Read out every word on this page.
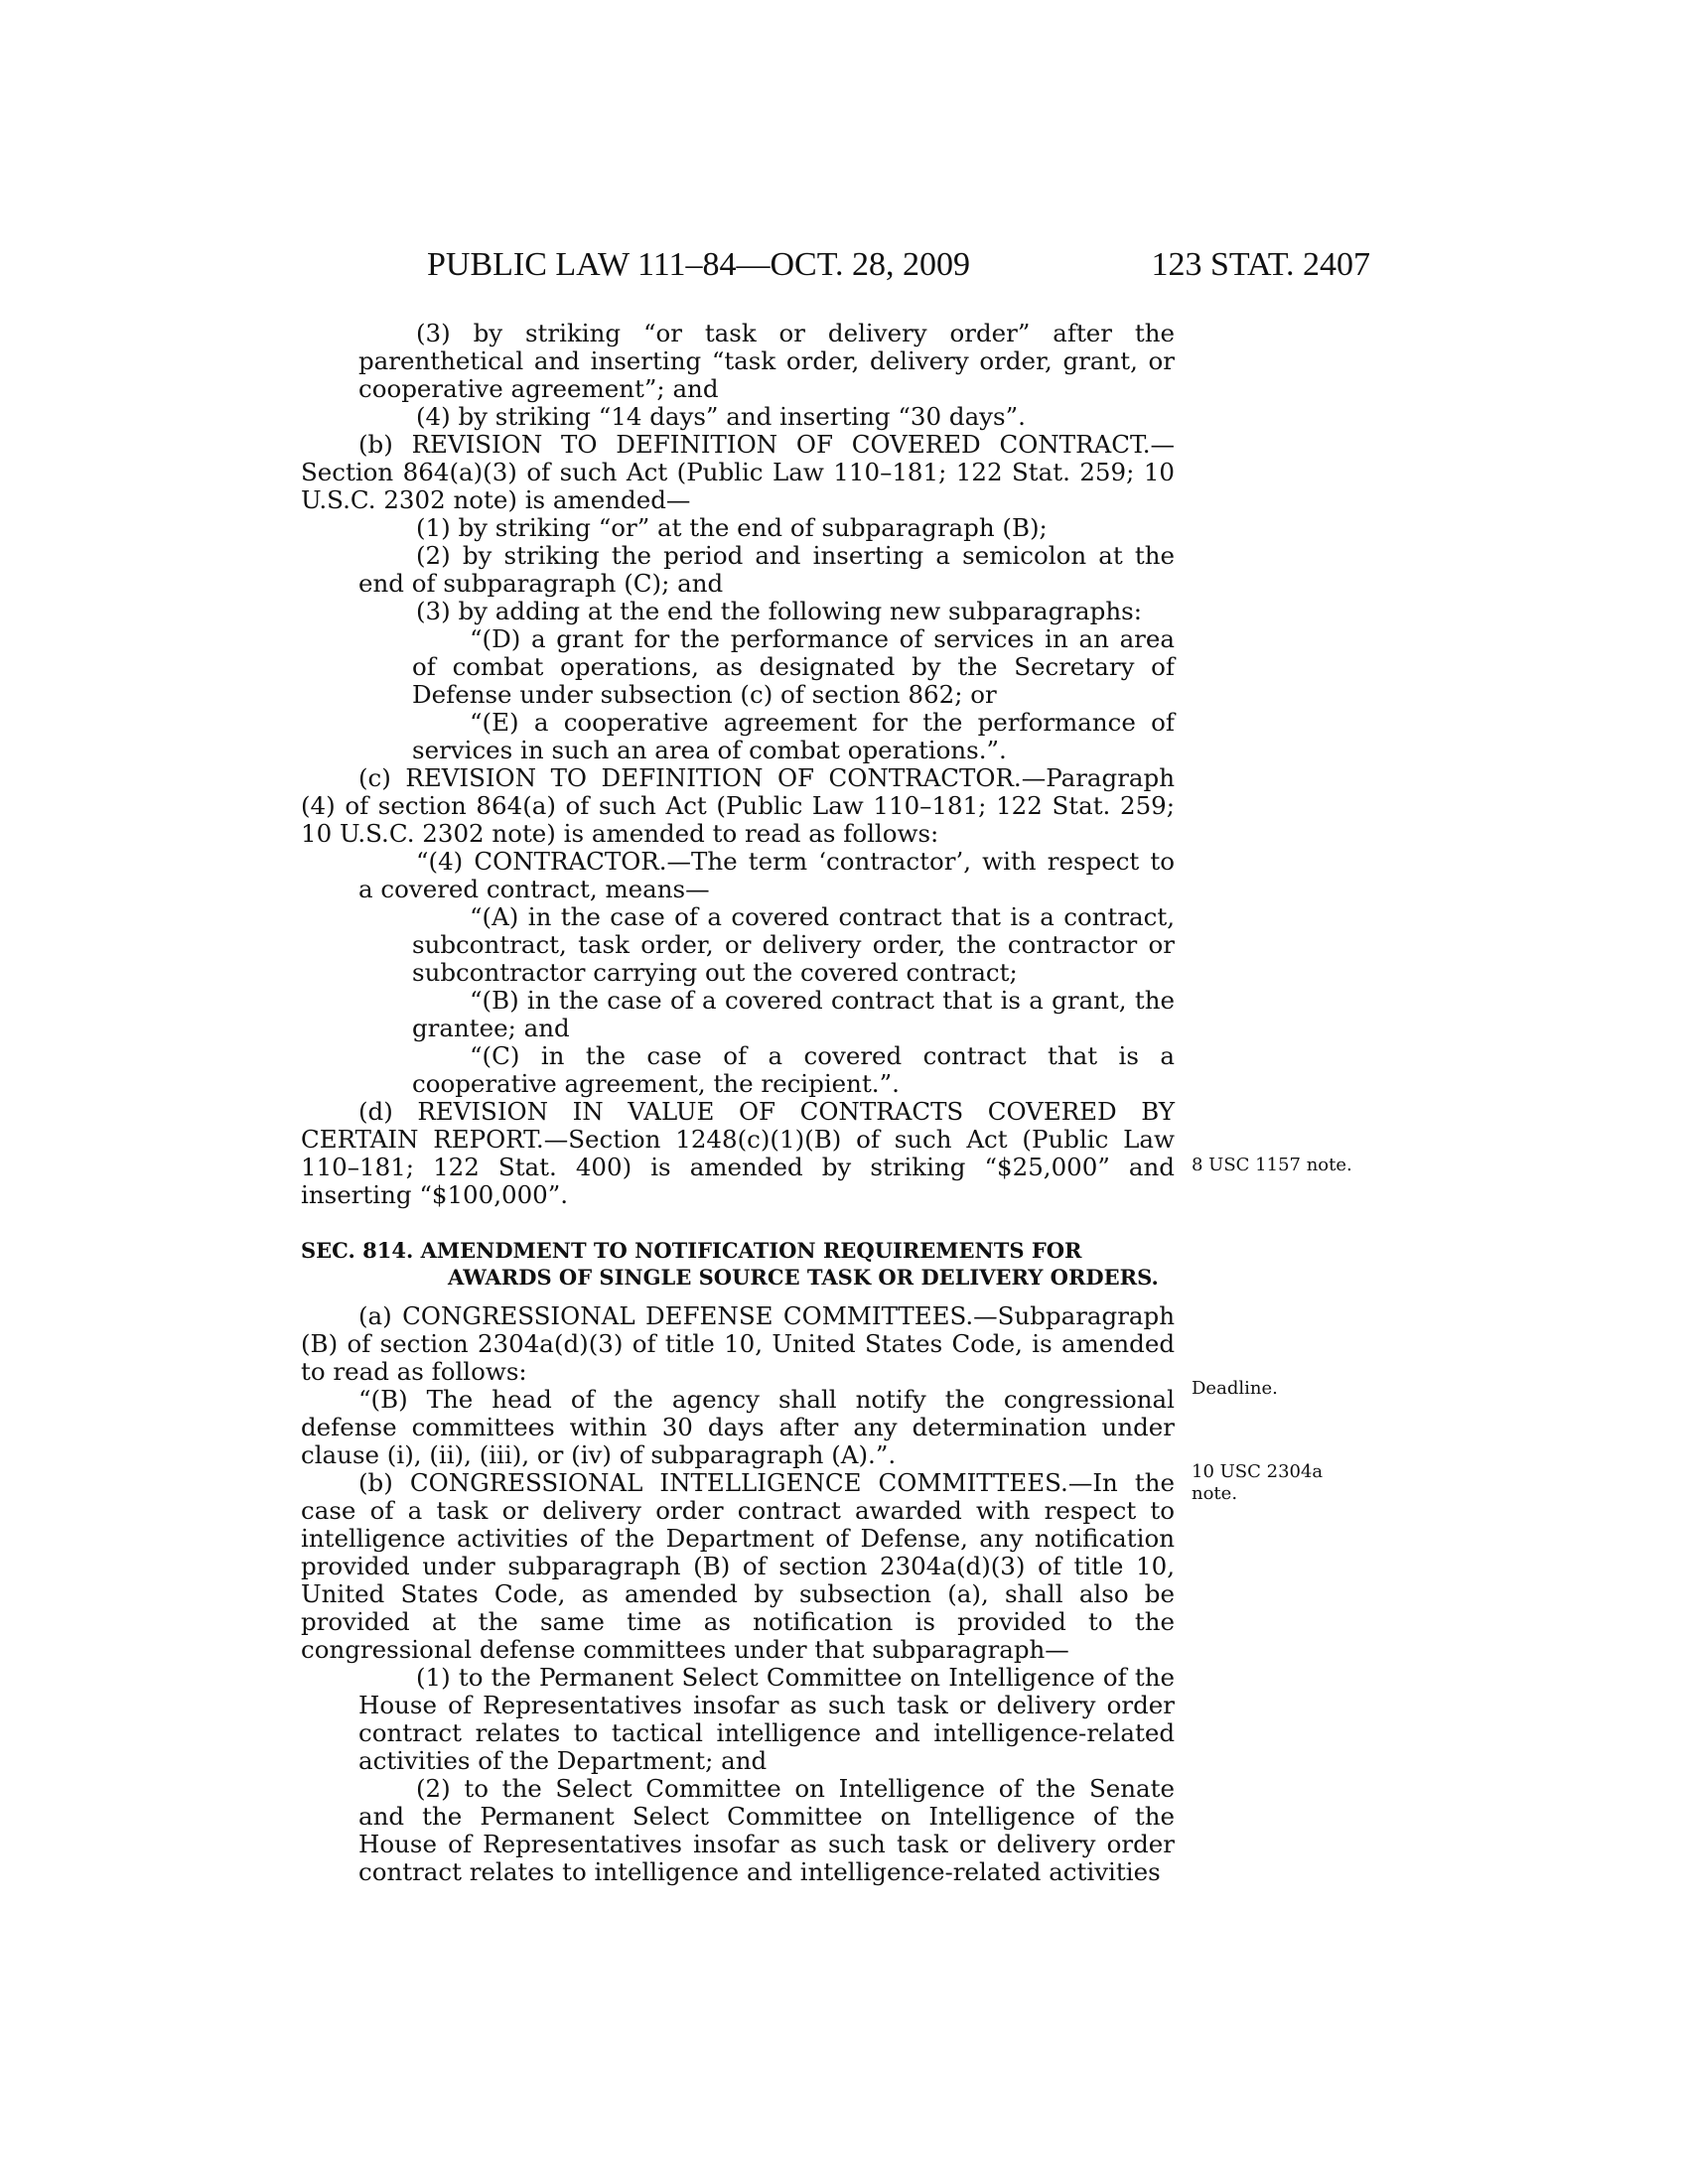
PUBLIC LAW 111–84—OCT. 28, 2009	123 STAT. 2407

(3) by striking “or task or delivery order” after the parenthetical and inserting “task order, delivery order, grant, or cooperative agreement”; and

(4) by striking “14 days” and inserting “30 days”.

(b) REVISION TO DEFINITION OF COVERED CONTRACT.—Section 864(a)(3) of such Act (Public Law 110–181; 122 Stat. 259; 10 U.S.C. 2302 note) is amended—

(1) by striking “or” at the end of subparagraph (B);

(2) by striking the period and inserting a semicolon at the end of subparagraph (C); and

(3) by adding at the end the following new subparagraphs:

“(D) a grant for the performance of services in an area of combat operations, as designated by the Secretary of Defense under subsection (c) of section 862; or

“(E) a cooperative agreement for the performance of services in such an area of combat operations.”.

(c) REVISION TO DEFINITION OF CONTRACTOR.—Paragraph (4) of section 864(a) of such Act (Public Law 110–181; 122 Stat. 259; 10 U.S.C. 2302 note) is amended to read as follows:

“(4) CONTRACTOR.—The term ‘contractor’, with respect to a covered contract, means—

“(A) in the case of a covered contract that is a contract, subcontract, task order, or delivery order, the contractor or subcontractor carrying out the covered contract;

“(B) in the case of a covered contract that is a grant, the grantee; and

“(C) in the case of a covered contract that is a cooperative agreement, the recipient.”.

(d) REVISION IN VALUE OF CONTRACTS COVERED BY CERTAIN REPORT.—Section 1248(c)(1)(B) of such Act (Public Law 110–181; 122 Stat. 400) is amended by striking “$25,000” and inserting “$100,000”.

SEC. 814. AMENDMENT TO NOTIFICATION REQUIREMENTS FOR
AWARDS OF SINGLE SOURCE TASK OR DELIVERY ORDERS.

(a) CONGRESSIONAL DEFENSE COMMITTEES.—Subparagraph (B) of section 2304a(d)(3) of title 10, United States Code, is amended to read as follows:

“(B) The head of the agency shall notify the congressional defense committees within 30 days after any determination under clause (i), (ii), (iii), or (iv) of subparagraph (A).”.

(b) CONGRESSIONAL INTELLIGENCE COMMITTEES.—In the case of a task or delivery order contract awarded with respect to intelligence activities of the Department of Defense, any notification provided under subparagraph (B) of section 2304a(d)(3) of title 10, United States Code, as amended by subsection (a), shall also be provided at the same time as notification is provided to the congressional defense committees under that subparagraph—

(1) to the Permanent Select Committee on Intelligence of the House of Representatives insofar as such task or delivery order contract relates to tactical intelligence and intelligence-related activities of the Department; and

(2) to the Select Committee on Intelligence of the Senate and the Permanent Select Committee on Intelligence of the House of Representatives insofar as such task or delivery order contract relates to intelligence and intelligence-related activities

8 USC 1157 note.
Deadline.
10 USC 2304a
note.
